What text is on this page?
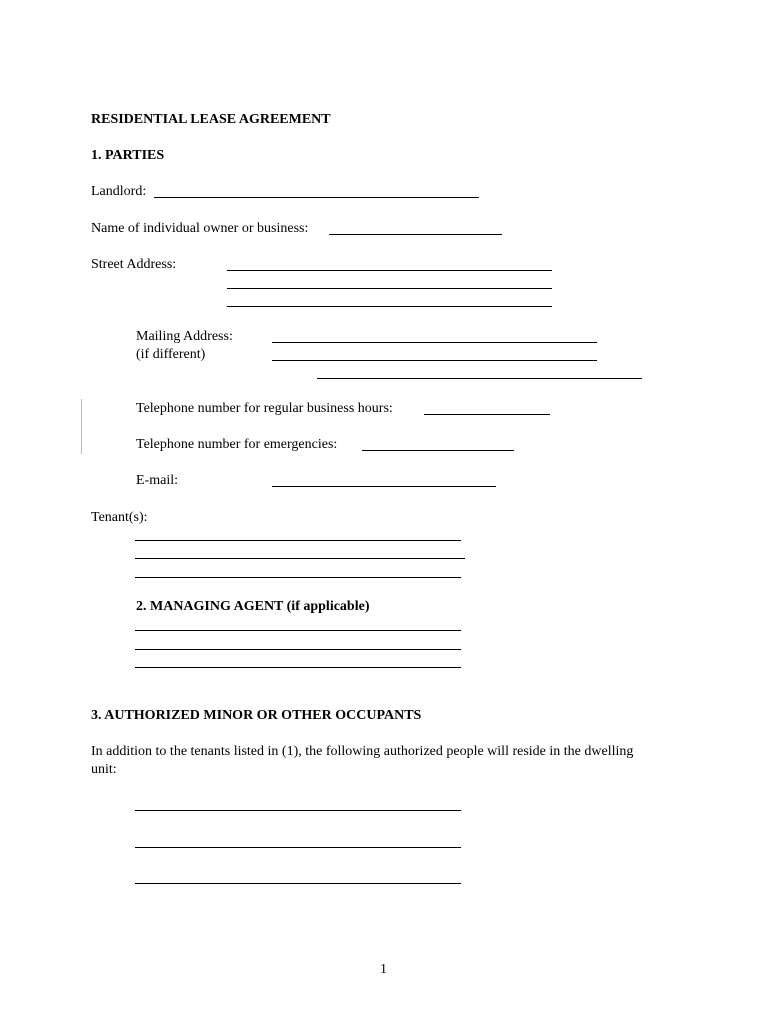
RESIDENTIAL LEASE AGREEMENT
1. PARTIES
Landlord:
Name of individual owner or business:
Street Address:
Mailing Address:
(if different)
Telephone number for regular business hours:
Telephone number for emergencies:
E-mail:
Tenant(s):
2. MANAGING AGENT (if applicable)
3. AUTHORIZED MINOR OR OTHER OCCUPANTS
In addition to the tenants listed in (1), the following authorized people will reside in the dwelling
unit:
1
